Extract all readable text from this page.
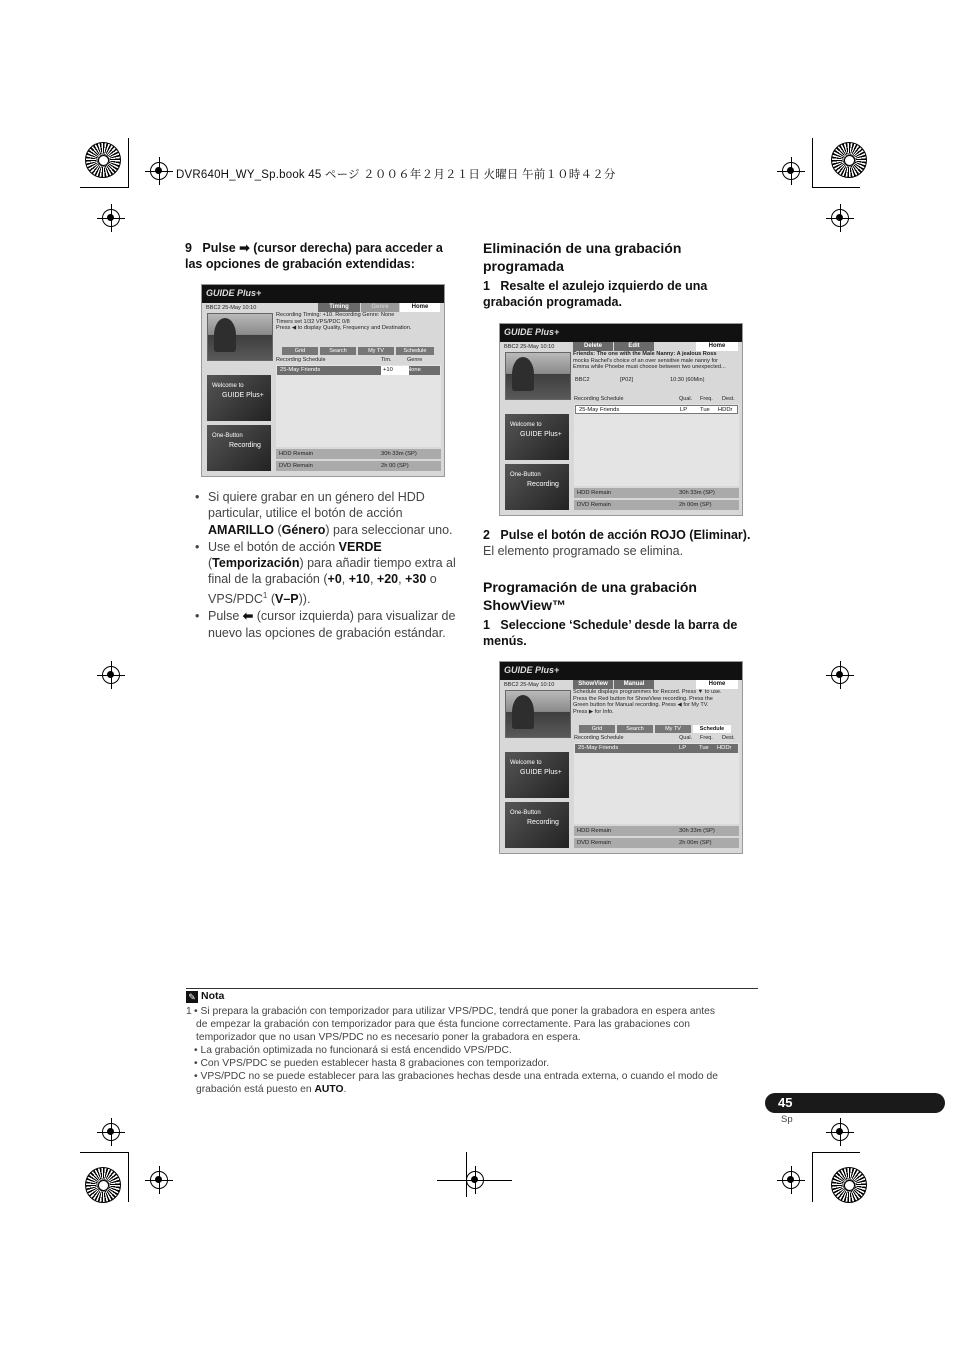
DVR640H_WY_Sp.book 45 ページ ２００６年２月２１日 火曜日 午前１０時４２分
9 Pulse ➡ (cursor derecha) para acceder a las opciones de grabación extendidas:
GUIDE Plus+
Timing	Genre	Home
BBC2 25-May 10:10
Recording Timing: +10. Recording Genre: None
Timers set 1/32 VPS/PDC 0/8
Press ◀ to display Quality, Frequency and Destination.
Grid	Search	My TV	Schedule
Recording Schedule	Tim.	Genre
25-May Friends	+10	None
Welcome to
GUIDE Plus+
One-Button
Recording
HDD Remain	30h 33m (SP)
DVD Remain	2h 00 (SP)
• Si quiere grabar en un género del HDD particular, utilice el botón de acción AMARILLO (Género) para seleccionar uno.
• Use el botón de acción VERDE (Temporización) para añadir tiempo extra al final de la grabación (+0, +10, +20, +30 o VPS/PDC$^1$ (V–P)).
• Pulse ⬅ (cursor izquierda) para visualizar de nuevo las opciones de grabación estándar.
Eliminación de una grabación programada
1 Resalte el azulejo izquierdo de una grabación programada.
GUIDE Plus+
Delete	Edit	Home
BBC2 25-May 10:10
Friends: The one with the Male Nanny: A jealous Ross
mocks Rachel's choice of an over sensitive male nanny for
Emma while Phoebe must choose between two unexpected...
BBC2	[P02]	10:30 (60Min)
Recording Schedule	Qual. Freq. Dest.
25-May Friends	LP Tue HDDr
Welcome to
GUIDE Plus+
One-Button
Recording
HDD Remain	30h 33m (SP)
DVD Remain	2h 00m (SP)
2 Pulse el botón de acción ROJO (Eliminar).
El elemento programado se elimina.
Programación de una grabación ShowView™
1 Seleccione ‘Schedule’ desde la barra de menús.
GUIDE Plus+
ShowView	Manual	Home
BBC2 25-May 10:10
Schedule displays programmes for Record. Press ▼ to use.
Press the Red button for ShowView recording. Press the
Green button for Manual recording. Press ◀ for My TV.
Press ▶ for Info.
Grid	Search	My TV	Schedule
Recording Schedule	Qual. Freq. Dest.
25-May Friends	LP Tue HDDr
Welcome to
GUIDE Plus+
One-Button
Recording
HDD Remain	30h 33m (SP)
DVD Remain	2h 00m (SP)
✎ Nota
1 • Si prepara la grabación con temporizador para utilizar VPS/PDC, tendrá que poner la grabadora en espera antes
de empezar la grabación con temporizador para que ésta funcione correctamente. Para las grabaciones con
temporizador que no usan VPS/PDC no es necesario poner la grabadora en espera.
• La grabación optimizada no funcionará si está encendido VPS/PDC.
• Con VPS/PDC se pueden establecer hasta 8 grabaciones con temporizador.
• VPS/PDC no se puede establecer para las grabaciones hechas desde una entrada externa, o cuando el modo de
grabación está puesto en AUTO.
45
Sp
